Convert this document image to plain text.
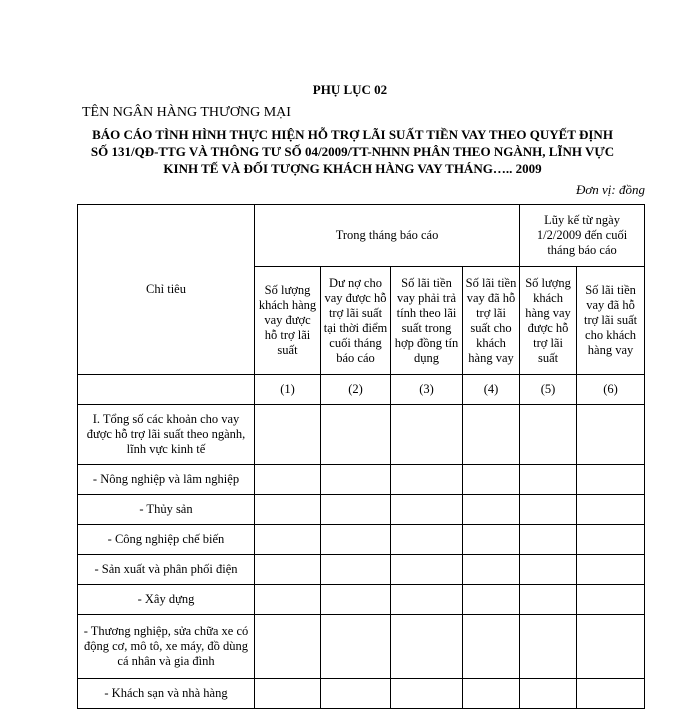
PHỤ LỤC 02
TÊN NGÂN HÀNG THƯƠNG MẠI
BÁO CÁO TÌNH HÌNH THỰC HIỆN HỖ TRỢ LÃI SUẤT TIỀN VAY THEO QUYẾT ĐỊNH
SỐ 131/QĐ-TTG VÀ THÔNG TƯ SỐ 04/2009/TT-NHNN PHÂN THEO NGÀNH, LĨNH VỰC
KINH TẾ VÀ ĐỐI TƯỢNG KHÁCH HÀNG VAY THÁNG….. 2009
Đơn vị: đồng
Chỉ tiêu	Trong tháng báo cáo				Lũy kế từ ngày 1/2/2009 đến cuối tháng báo cáo	
	Số lượng khách hàng vay được hỗ trợ lãi suất	Dư nợ cho vay được hỗ trợ lãi suất tại thời điểm cuối tháng báo cáo	Số lãi tiền vay phải trả tính theo lãi suất trong hợp đồng tín dụng	Số lãi tiền vay đã hỗ trợ lãi suất cho khách hàng vay	Số lượng khách hàng vay được hỗ trợ lãi suất	Số lãi tiền vay đã hỗ trợ lãi suất cho khách hàng vay
	(1)	(2)	(3)	(4)	(5)	(6)
I. Tổng số các khoản cho vay được hỗ trợ lãi suất theo ngành, lĩnh vực kinh tế						
- Nông nghiệp và lâm nghiệp						
- Thủy sản						
- Công nghiệp chế biến						
- Sản xuất và phân phối điện						
- Xây dựng						
- Thương nghiệp, sửa chữa xe có động cơ, mô tô, xe máy, đồ dùng cá nhân và gia đình						
- Khách sạn và nhà hàng						
